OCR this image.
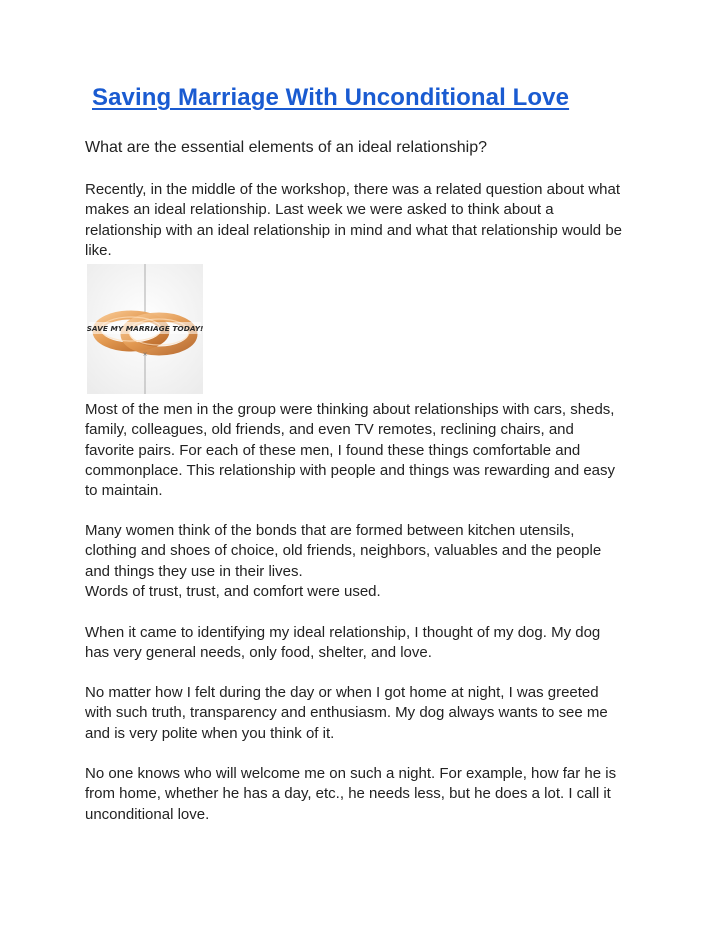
Saving Marriage With Unconditional Love

What are the essential elements of an ideal relationship?

Recently, in the middle of the workshop, there was a related question about what
makes an ideal relationship. Last week we were asked to think about a
relationship with an ideal relationship in mind and what that relationship would be
like.

SAVE MY MARRIAGE TODAY!
×

Most of the men in the group were thinking about relationships with cars, sheds,
family, colleagues, old friends, and even TV remotes, reclining chairs, and
favorite pairs. For each of these men, I found these things comfortable and
commonplace. This relationship with people and things was rewarding and easy
to maintain.

Many women think of the bonds that are formed between kitchen utensils,
clothing and shoes of choice, old friends, neighbors, valuables and the people
and things they use in their lives.
Words of trust, trust, and comfort were used.

When it came to identifying my ideal relationship, I thought of my dog. My dog
has very general needs, only food, shelter, and love.

No matter how I felt during the day or when I got home at night, I was greeted
with such truth, transparency and enthusiasm. My dog always wants to see me
and is very polite when you think of it.

No one knows who will welcome me on such a night. For example, how far he is
from home, whether he has a day, etc., he needs less, but he does a lot. I call it
unconditional love.
